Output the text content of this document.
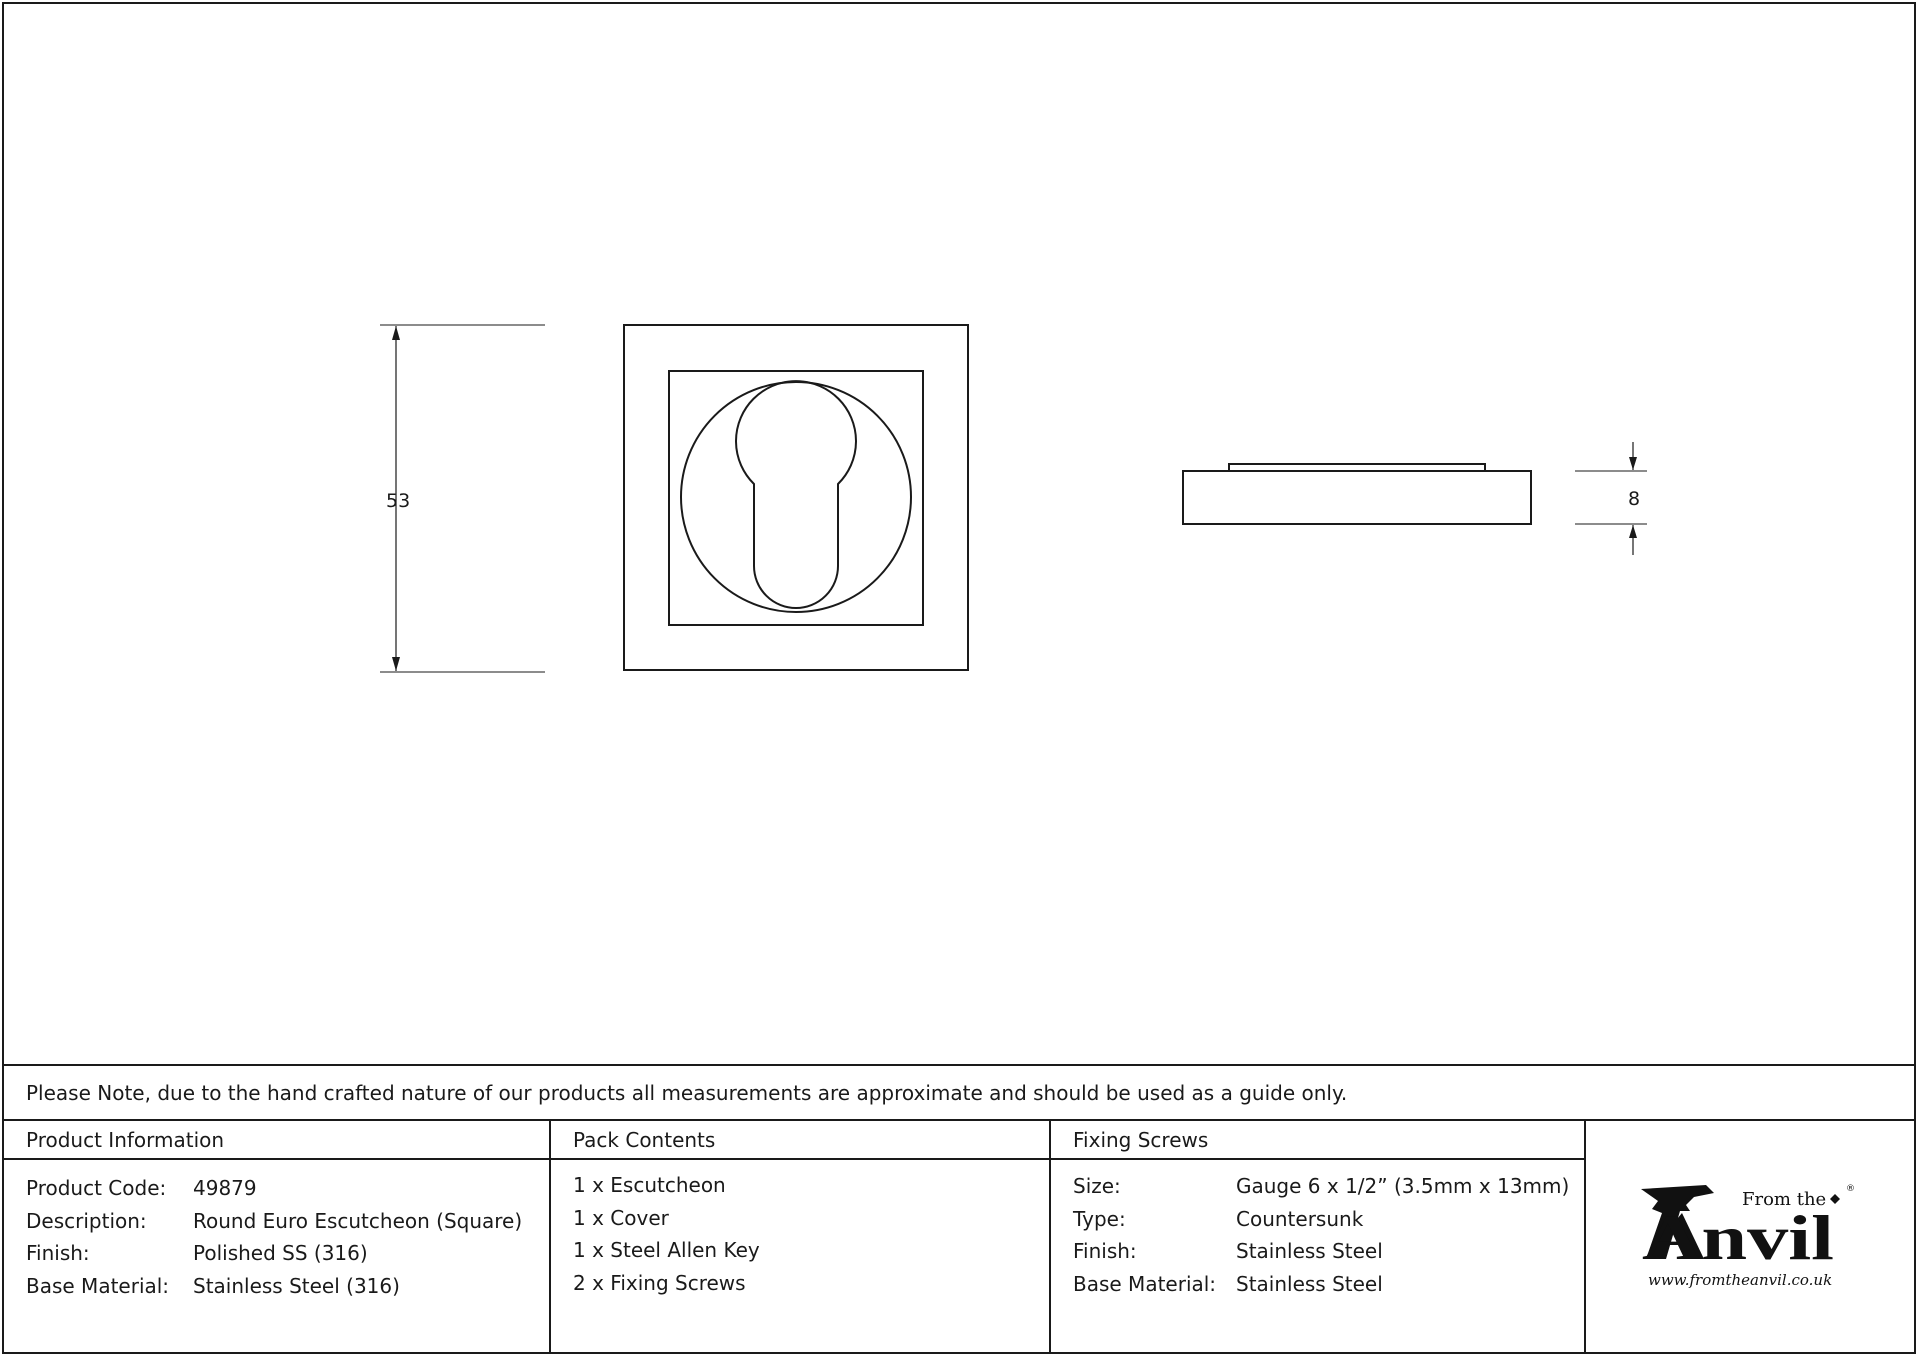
53	8
Please Note, due to the hand crafted nature of our products all measurements are approximate and should be used as a guide only.
Product Information
Product Code: 49879
Description: Round Euro Escutcheon (Square)
Finish:	Polished SS (316)
Base Material: Stainless Steel (316)
Pack Contents
1 x Escutcheon
1 x Cover
1 x Steel Allen Key
2 x Fixing Screws
Fixing Screws
Size:	Gauge 6 x 1/2” (3.5mm x 13mm)
Type:	Countersunk
Finish:	Stainless Steel
Base Material: Stainless Steel
From the ®
Anvil
www.fromtheanvil.co.uk
